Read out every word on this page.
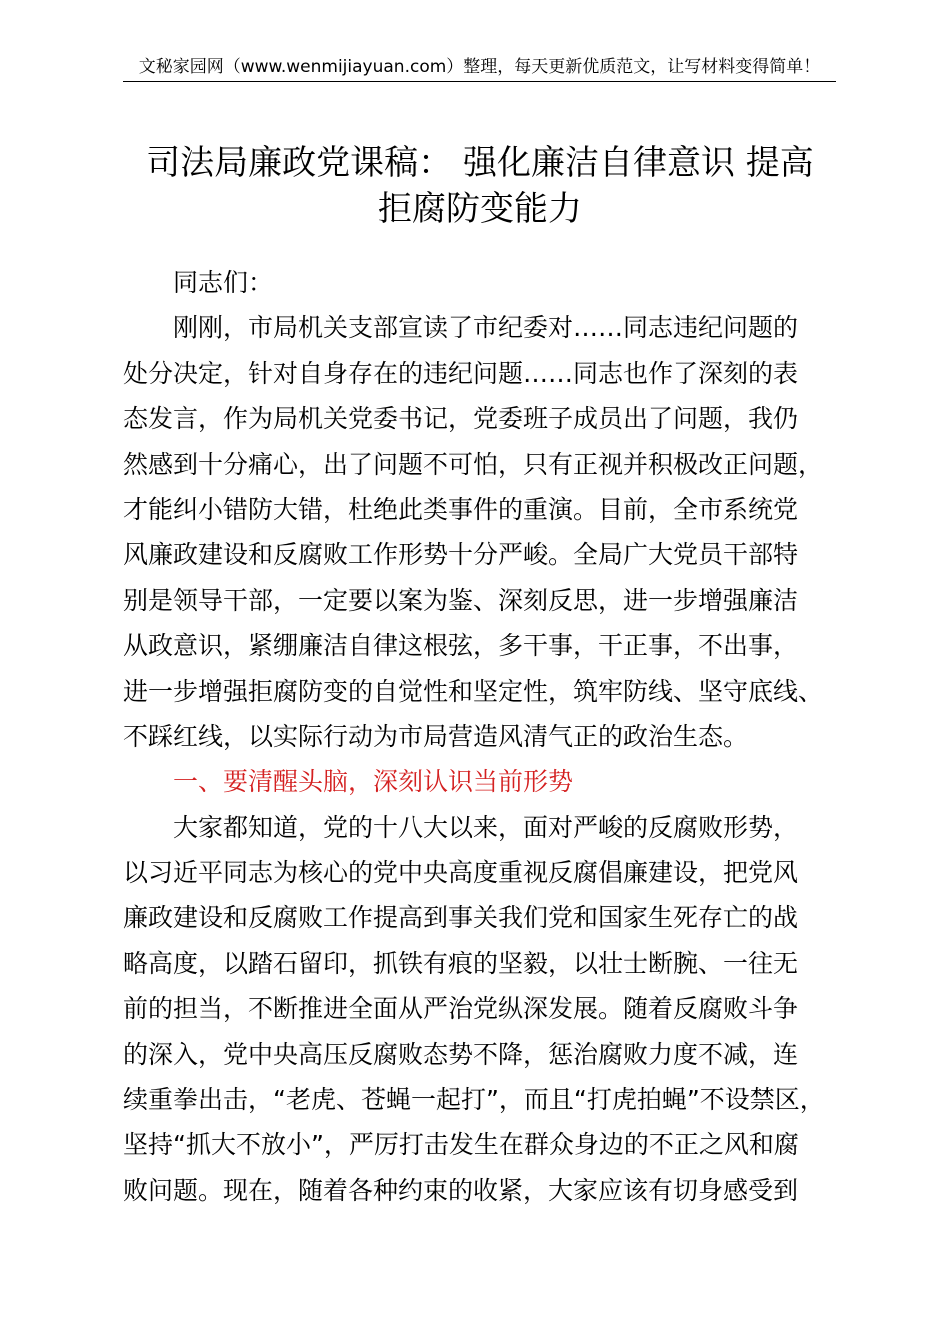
文秘家园网（www.wenmijiayuan.com）整理，每天更新优质范文，让写材料变得简单！
司法局廉政党课稿： 强化廉洁自律意识 提高
拒腐防变能力
同志们：
刚刚，市局机关支部宣读了市纪委对……同志违纪问题的
处分决定，针对自身存在的违纪问题……同志也作了深刻的表
态发言，作为局机关党委书记，党委班子成员出了问题，我仍
然感到十分痛心，出了问题不可怕，只有正视并积极改正问题，
才能纠小错防大错，杜绝此类事件的重演。目前，全市系统党
风廉政建设和反腐败工作形势十分严峻。全局广大党员干部特
别是领导干部，一定要以案为鉴、深刻反思，进一步增强廉洁
从政意识，紧绷廉洁自律这根弦，多干事，干正事，不出事，
进一步增强拒腐防变的自觉性和坚定性，筑牢防线、坚守底线、
不踩红线，以实际行动为市局营造风清气正的政治生态。
一、要清醒头脑，深刻认识当前形势
大家都知道，党的十八大以来，面对严峻的反腐败形势，
以习近平同志为核心的党中央高度重视反腐倡廉建设，把党风
廉政建设和反腐败工作提高到事关我们党和国家生死存亡的战
略高度，以踏石留印，抓铁有痕的坚毅，以壮士断腕、一往无
前的担当，不断推进全面从严治党纵深发展。随着反腐败斗争
的深入，党中央高压反腐败态势不降，惩治腐败力度不减，连
续重拳出击，“老虎、苍蝇一起打”，而且“打虎拍蝇”不设禁区，
坚持“抓大不放小”，严厉打击发生在群众身边的不正之风和腐
败问题。现在，随着各种约束的收紧，大家应该有切身感受到
